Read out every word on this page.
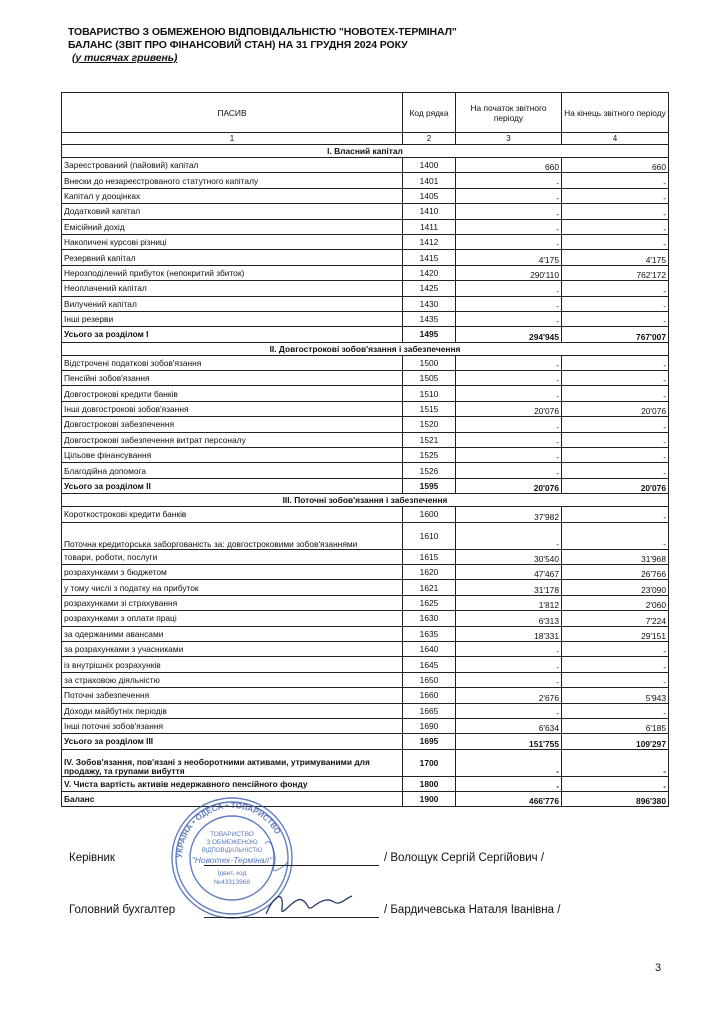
ТОВАРИСТВО З ОБМЕЖЕНОЮ ВІДПОВІДАЛЬНІСТЮ "НОВОТЕХ-ТЕРМІНАЛ"
БАЛАНС (ЗВІТ ПРО ФІНАНСОВИЙ СТАН) НА 31 ГРУДНЯ 2024 РОКУ
(у тисячах гривень)
ПАСИВ	Код рядка	На початок звітного періоду	На кінець звітного періоду
1	2	3	4
I. Власний капітал			
Зареєстрований (пайовий) капітал	1400	660	660
Внески до незареєстрованого статутного капіталу	1401	-	-
Капітал у дооцінках	1405	-	-
Додатковий капітал	1410	-	-
Емісійний дохід	1411	-	-
Накопичені курсові різниці	1412	-	-
Резервний капітал	1415	4'175	4'175
Нерозподілений прибуток (непокритий збиток)	1420	290'110	762'172
Неоплачений капітал	1425	-	-
Вилучений капітал	1430	-	-
Інші резерви	1435	-	-
Усього за розділом I	1495	294'945	767'007
II. Довгострокові зобов'язання і забезпечення			
Відстрочені податкові зобов'язання	1500	-	-
Пенсійні зобов'язання	1505	-	-
Довгострокові кредити банків	1510	-	-
Інші довгострокові зобов'язання	1515	20'076	20'076
Довгострокові забезпечення	1520	-	-
Довгострокові забезпечення витрат персоналу	1521	-	-
Цільове фінансування	1525	-	-
Благодійна допомога	1526	-	-
Усього за розділом II	1595	20'076	20'076
III. Поточні зобов'язання і забезпечення			
Короткострокові кредити банків	1600	37'982	-
Поточна кредиторська заборгованість за: довгостроковими зобов'язаннями	1610	-	-
товари, роботи, послуги	1615	30'540	31'968
розрахунками з бюджетом	1620	47'467	26'766
у тому числі з податку на прибуток	1621	31'178	23'090
розрахунками зі страхування	1625	1'812	2'060
розрахунками з оплати праці	1630	6'313	7'224
за одержаними авансами	1635	18'331	29'151
за розрахунками з учасниками	1640	-	-
із внутрішніх розрахунків	1645	-	-
за страховою діяльністю	1650	-	-
Поточні забезпечення	1660	2'676	5'943
Доходи майбутніх періодів	1665	-	-
Інші поточні зобов'язання	1690	6'634	6'185
Усього за розділом III	1695	151'755	109'297
IV. Зобов'язання, пов'язані з необоротними активами, утримуваними для продажу, та групами вибуття	1700	-	-
V. Чиста вартість активів недержавного пенсійного фонду	1800	-	-
Баланс	1900	466'776	896'380
УКРАЇНА • ОДЕСА • ТОВАРИСТВО
ТОВАРИСТВО
З ОБМЕЖЕНОЮ
ВІДПОВІДАЛЬНІСТЮ
"Новотех-Термінал"
Ідент. код
№43313968
Керівник	/ Волощук Сергій Сергійович /
Головний бухгалтер	/ Бардичевська Наталя Іванівна /
3
